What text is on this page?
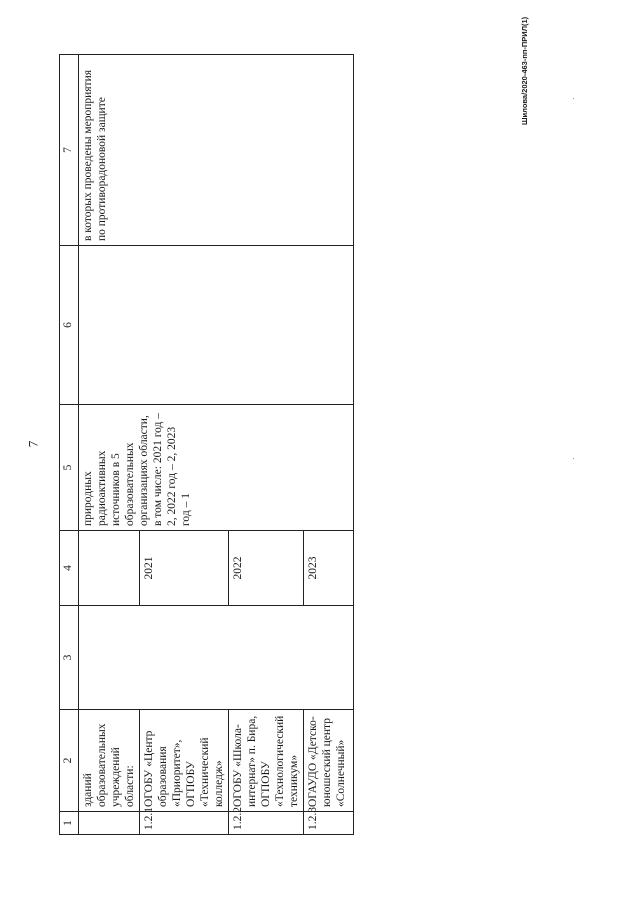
7
Шилова/2020-463-пп-ПРИЛ(1)
1	2	3	4	5	6	7
	зданий образовательных учреждений области:			природных радиоактивных источников в 5 образовательных организациях области, в том числе: 2021 год – 2, 2022 год – 2, 2023 год – 1		в которых проведены мероприятия по противорадоновой защите
1.2.1	ОГОБУ «Центр образования «Приоритет», ОГПОБУ «Технический колледж»		2021			
1.2.2	ОГОБУ «Школа-интернат» п. Бира, ОГПОБУ «Технологический техникум»		2022			
1.2.3	ОГАУДО «Детско-юношеский центр «Солнечный»		2023			
